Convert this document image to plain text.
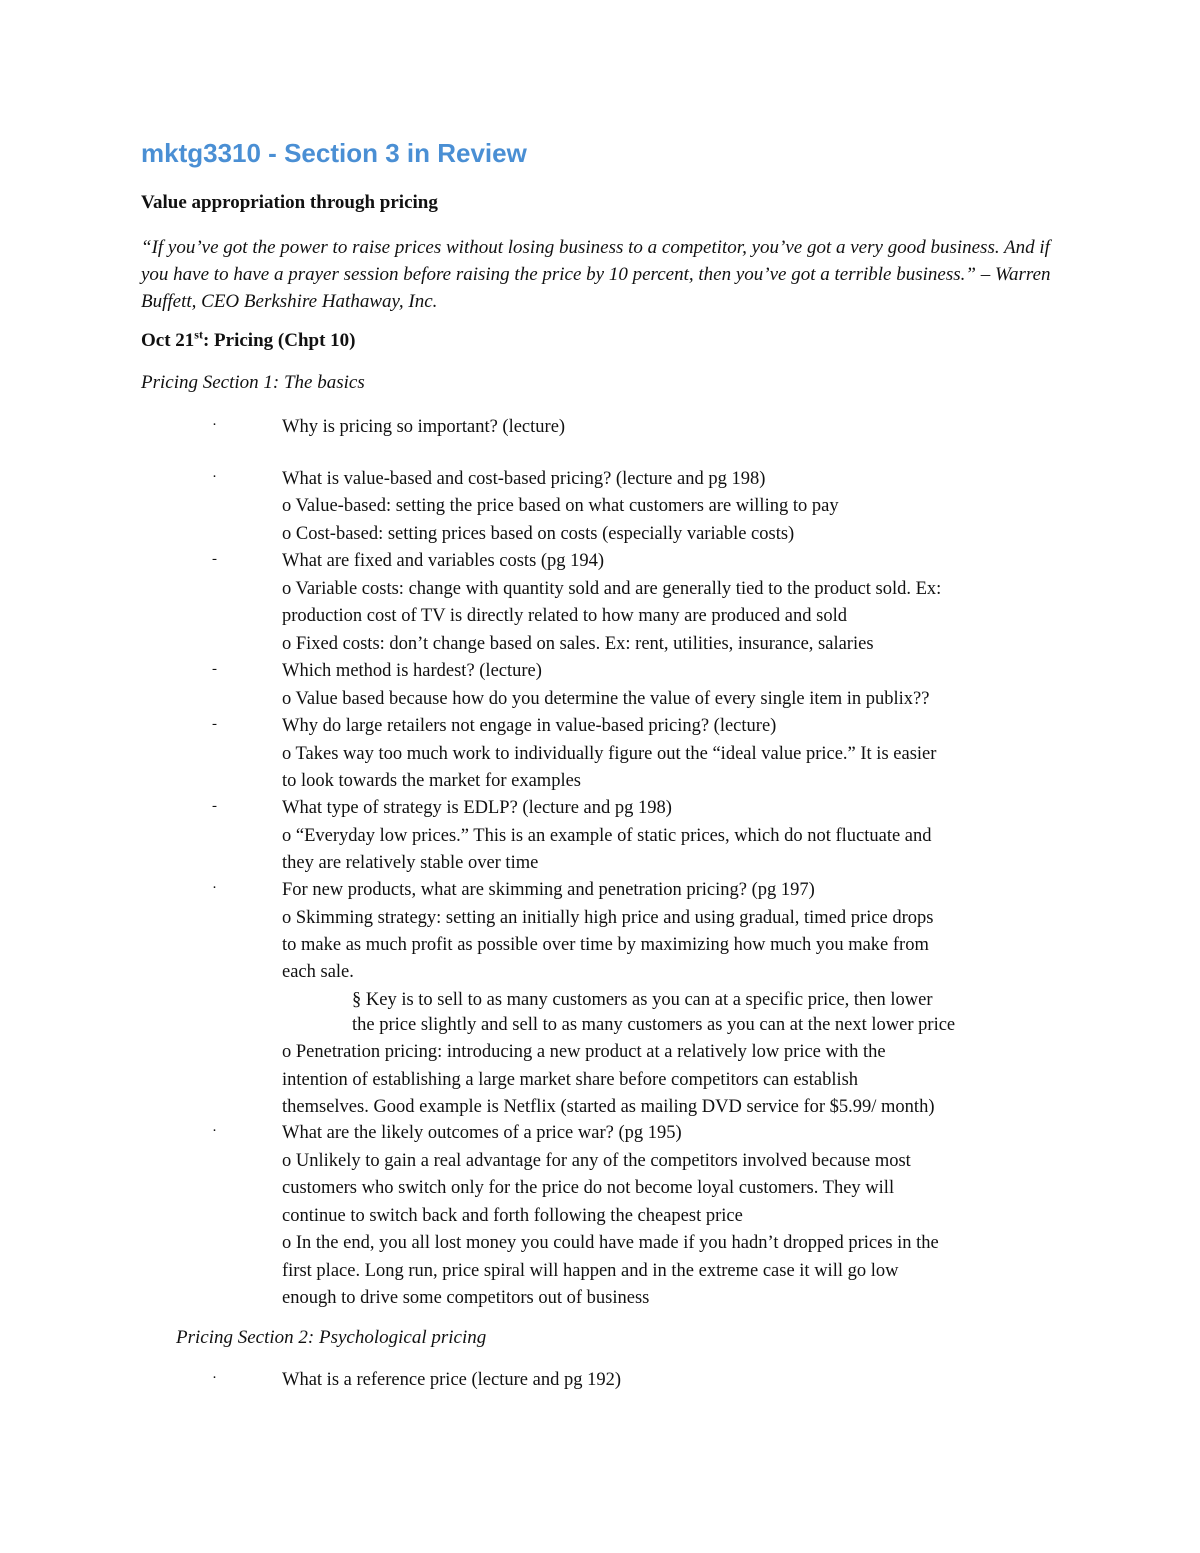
mktg3310 - Section 3 in Review
Value appropriation through pricing
“If you’ve got the power to raise prices without losing business to a competitor, you’ve got a very good business. And if you have to have a prayer session before raising the price by 10 percent, then you’ve got a terrible business.” – Warren Buffett, CEO Berkshire Hathaway, Inc.
Oct 21st: Pricing (Chpt 10)
Pricing Section 1: The basics
·
·
-
-
-
-
·
·
·
Why is pricing so important? (lecture)
What is value-based and cost-based pricing? (lecture and pg 198)
o Value-based: setting the price based on what customers are willing to pay
o Cost-based: setting prices based on costs (especially variable costs)
What are fixed and variables costs (pg 194)
o Variable costs: change with quantity sold and are generally tied to the product sold. Ex:
production cost of TV is directly related to how many are produced and sold
o Fixed costs: don’t change based on sales. Ex: rent, utilities, insurance, salaries
Which method is hardest? (lecture)
o Value based because how do you determine the value of every single item in publix??
Why do large retailers not engage in value-based pricing? (lecture)
o Takes way too much work to individually figure out the “ideal value price.” It is easier
to look towards the market for examples
What type of strategy is EDLP? (lecture and pg 198)
o “Everyday low prices.” This is an example of static prices, which do not fluctuate and
they are relatively stable over time
For new products, what are skimming and penetration pricing? (pg 197)
o Skimming strategy: setting an initially high price and using gradual, timed price drops
to make as much profit as possible over time by maximizing how much you make from
each sale.
§ Key is to sell to as many customers as you can at a specific price, then lower
the price slightly and sell to as many customers as you can at the next lower price
o Penetration pricing: introducing a new product at a relatively low price with the
intention of establishing a large market share before competitors can establish
themselves. Good example is Netflix (started as mailing DVD service for $5.99/ month)
What are the likely outcomes of a price war? (pg 195)
o Unlikely to gain a real advantage for any of the competitors involved because most
customers who switch only for the price do not become loyal customers. They will
continue to switch back and forth following the cheapest price
o In the end, you all lost money you could have made if you hadn’t dropped prices in the
first place. Long run, price spiral will happen and in the extreme case it will go low
enough to drive some competitors out of business
Pricing Section 2: Psychological pricing
What is a reference price (lecture and pg 192)
